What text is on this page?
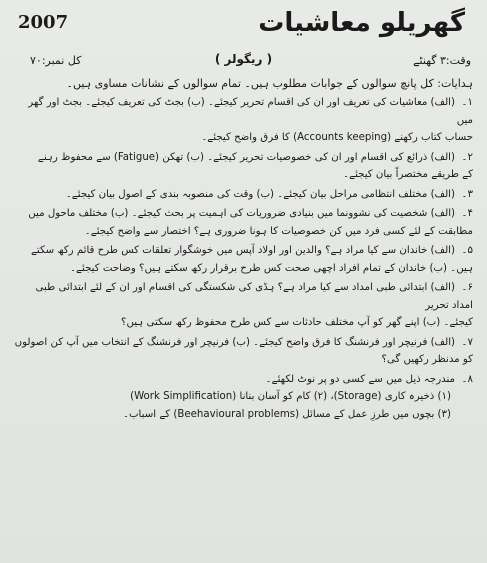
2007	گھریلو معاشیات
وقت:۳ گھنٹے
( ریگولر )
کل نمبر:۷۰
ہدایات: کل پانچ سوالوں کے جوابات مطلوب ہیں۔ تمام سوالوں کے نشانات مساوی ہیں۔
۱۔(الف) معاشیات کی تعریف اور ان کی اقسام تحریر کیجئے۔ (ب) بجٹ کی تعریف کیجئے۔ بجٹ اور گھر میں
حساب کتاب رکھنے (Accounts keeping) کا فرق واضح کیجئے۔
۲۔(الف) ذرائع کی اقسام اور ان کی خصوصیات تحریر کیجئے۔ (ب) تھکن (Fatigue) سے محفوظ رہنے
کے طریقے مختصراً بیان کیجئے۔
۳۔(الف) مختلف انتظامی مراحل بیان کیجئے۔ (ب) وقت کی منصوبہ بندی کے اصول بیان کیجئے۔
۴۔(الف) شخصیت کی نشوونما میں بنیادی ضروریات کی اہمیت پر بحث کیجئے۔ (ب) مختلف ماحول میں
مطابقت کے لئے کسی فرد میں کن خصوصیات کا ہونا ضروری ہے؟ اختصار سے واضح کیجئے۔
۵۔(الف) خاندان سے کیا مراد ہے؟ والدین اور اولاد آپس میں خوشگوار تعلقات کس طرح قائم رکھ سکتے
ہیں۔ (ب) خاندان کے تمام افراد اچھی صحت کس طرح برقرار رکھ سکتے ہیں؟ وضاحت کیجئے۔
۶۔(الف) ابتدائی طبی امداد سے کیا مراد ہے؟ ہڈی کی شکستگی کی اقسام اور ان کے لئے ابتدائی طبی امداد تحریر
کیجئے۔ (ب) اپنے گھر کو آپ مختلف حادثات سے کس طرح محفوظ رکھ سکتی ہیں؟
۷۔(الف) فرنیچر اور فرنشنگ کا فرق واضح کیجئے۔ (ب) فرنیچر اور فرنشنگ کے انتخاب میں آپ کن اصولوں
کو مدنظر رکھیں گی؟
۸۔مندرجہ ذیل میں سے کسی دو پر نوٹ لکھئے۔
(۱) ذخیرہ کاری (Storage)، (۲) کام کو آسان بنانا (Work Simplification)
(۳) بچوں میں طرزِ عمل کے مسائل (Beehavioural problems) کے اسباب۔
